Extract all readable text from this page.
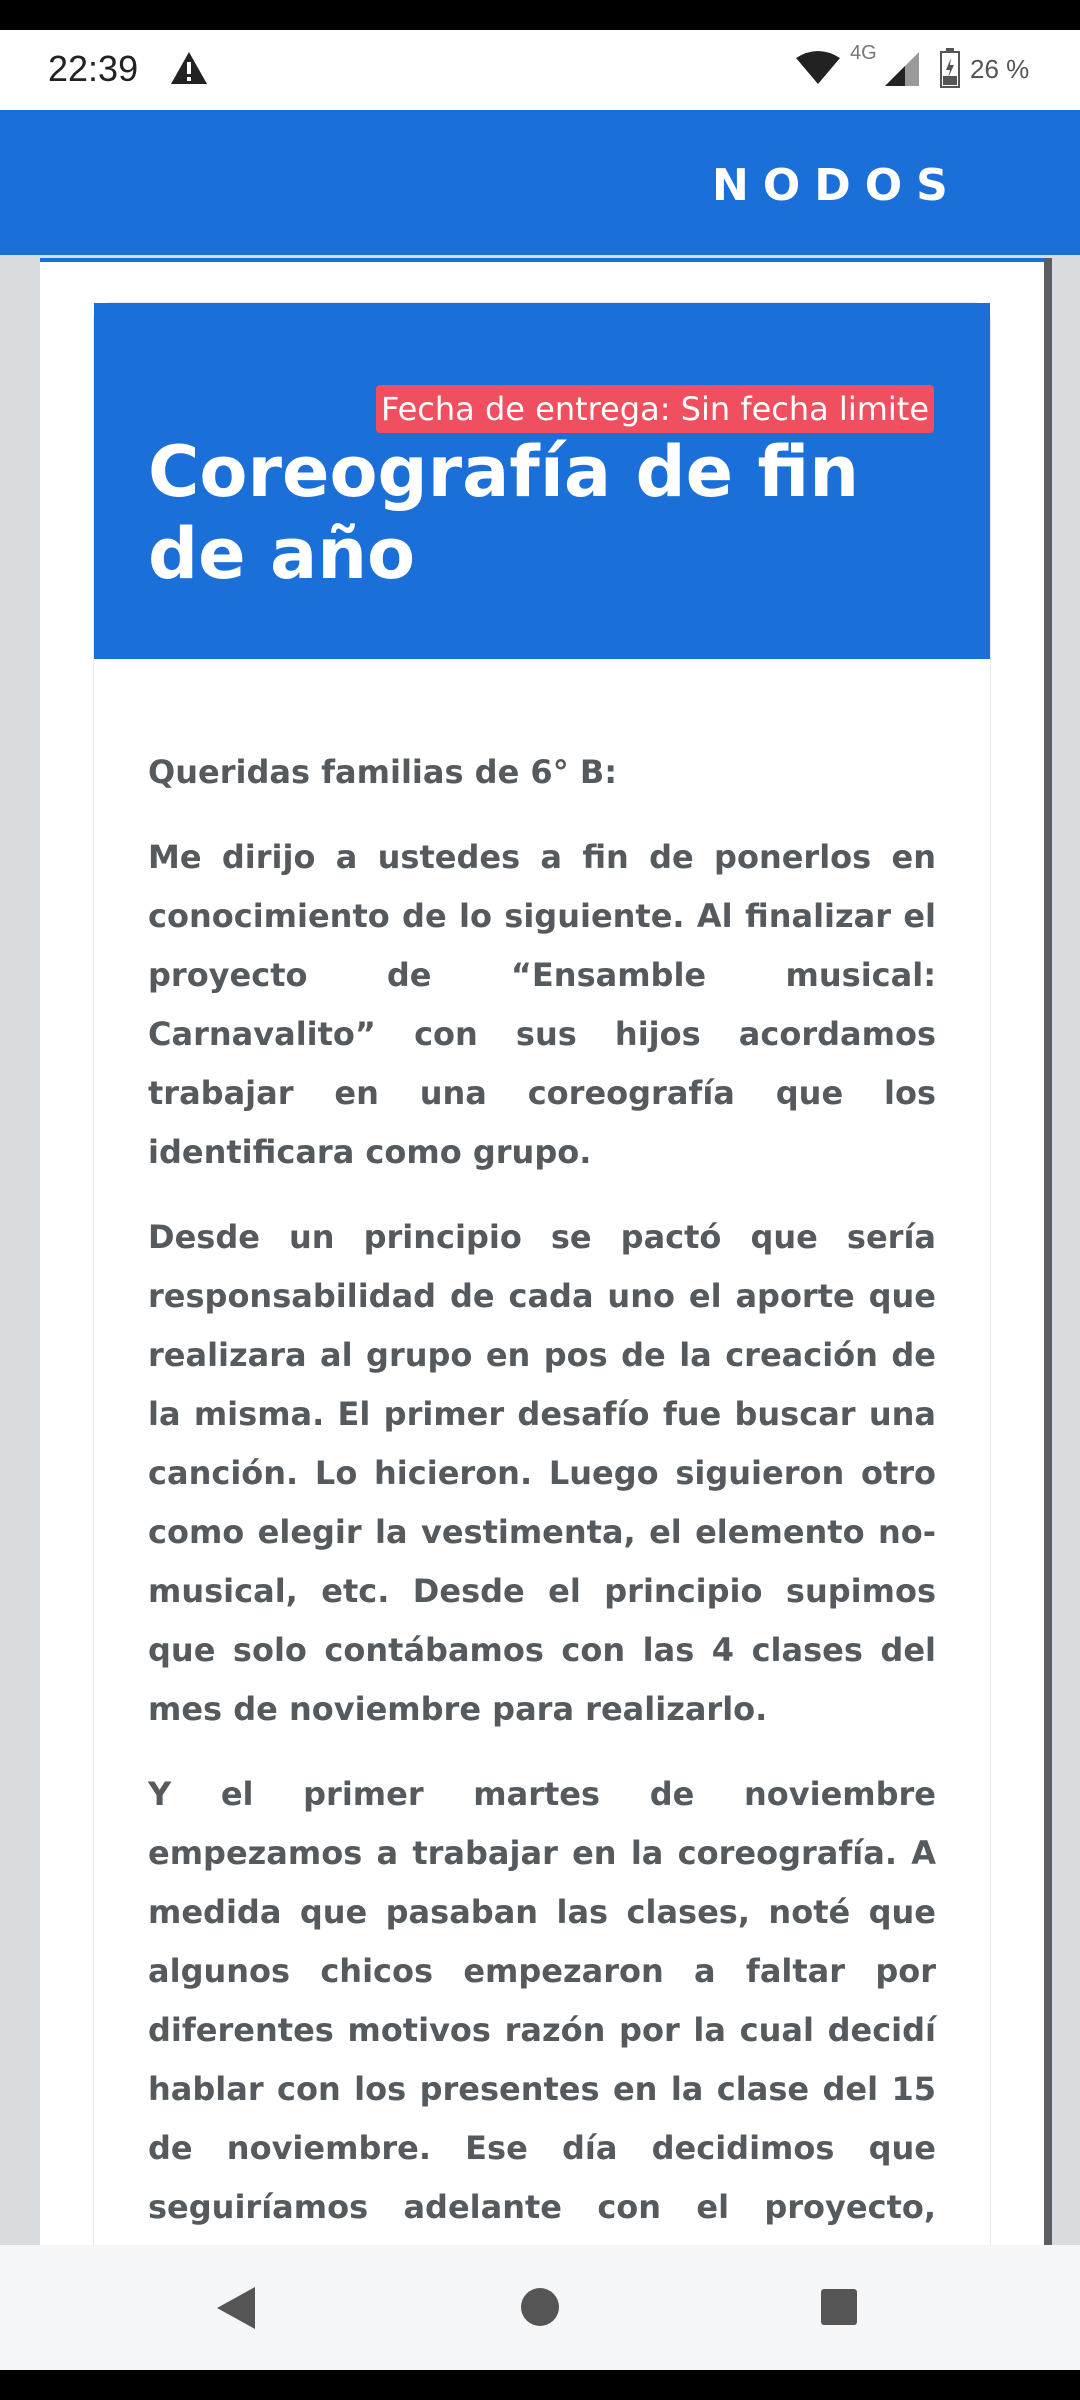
22:39	4G
26 %
NODOS
Fecha de entrega: Sin fecha limite
Coreografía de fin de año

Queridas familias de 6° B:

Me dirijo a ustedes a fin de ponerlos en conocimiento de lo siguiente. Al finalizar el proyecto de “Ensamble musical: Carnavalito” con sus hijos acordamos trabajar en una coreografía que los identificara como grupo.

Desde un principio se pactó que sería responsabilidad de cada uno el aporte que realizara al grupo en pos de la creación de la misma. El primer desafío fue buscar una canción. Lo hicieron. Luego siguieron otro como elegir la vestimenta, el elemento no-musical, etc. Desde el principio supimos que solo contábamos con las 4 clases del mes de noviembre para realizarlo.

Y el primer martes de noviembre empezamos a trabajar en la coreografía. A medida que pasaban las clases, noté que algunos chicos empezaron a faltar por diferentes motivos razón por la cual decidí hablar con los presentes en la clase del 15 de noviembre. Ese día decidimos que seguiríamos adelante con el proyecto,
